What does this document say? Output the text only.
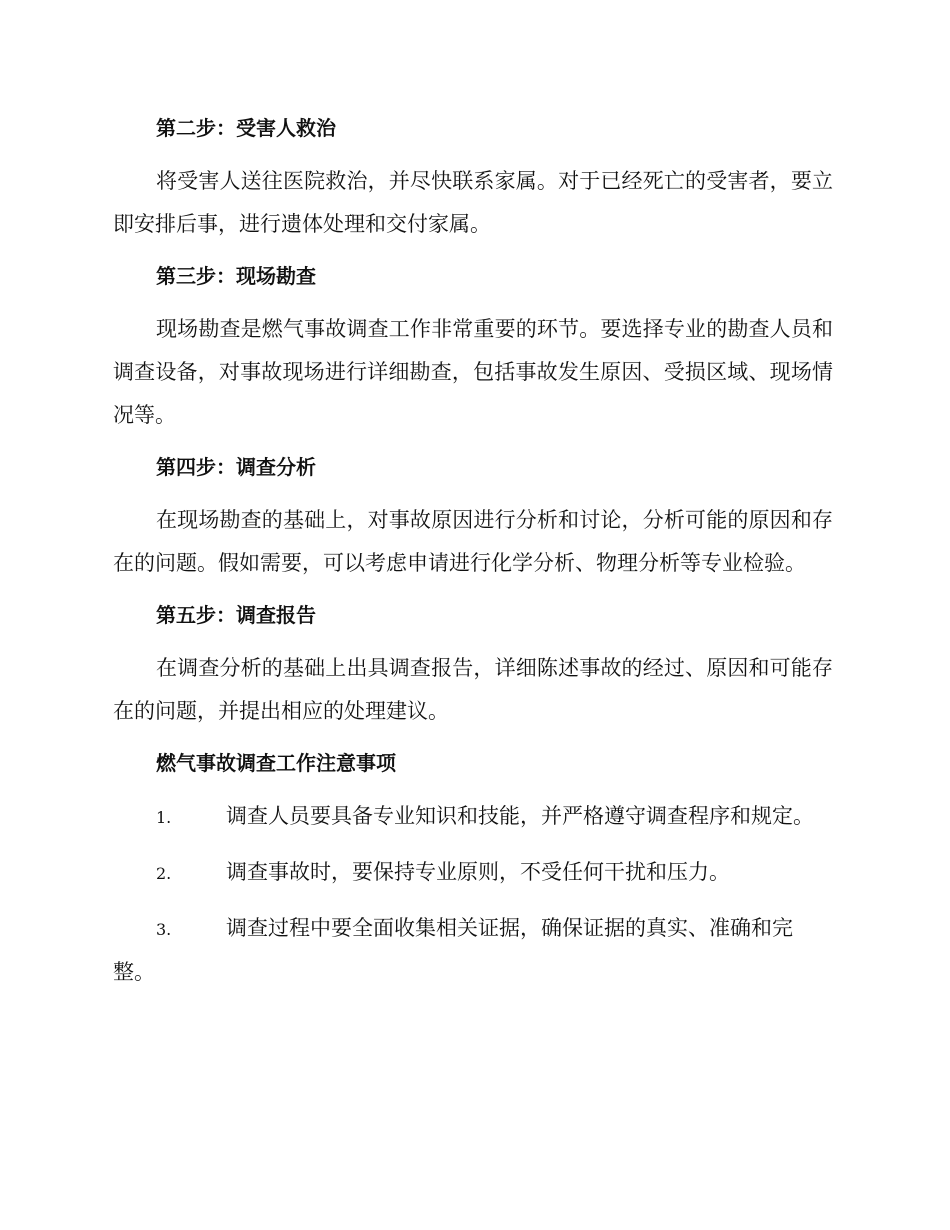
第二步：受害人救治

将受害人送往医院救治，并尽快联系家属。对于已经死亡的受害者，要立即安排后事，进行遗体处理和交付家属。

第三步：现场勘查

现场勘查是燃气事故调查工作非常重要的环节。要选择专业的勘查人员和调查设备，对事故现场进行详细勘查，包括事故发生原因、受损区域、现场情况等。

第四步：调查分析

在现场勘查的基础上，对事故原因进行分析和讨论，分析可能的原因和存在的问题。假如需要，可以考虑申请进行化学分析、物理分析等专业检验。

第五步：调查报告

在调查分析的基础上出具调查报告，详细陈述事故的经过、原因和可能存在的问题，并提出相应的处理建议。

燃气事故调查工作注意事项
1.	调查人员要具备专业知识和技能，并严格遵守调查程序和规定。
2.	调查事故时，要保持专业原则，不受任何干扰和压力。
3.	调查过程中要全面收集相关证据，确保证据的真实、准确和完整。
